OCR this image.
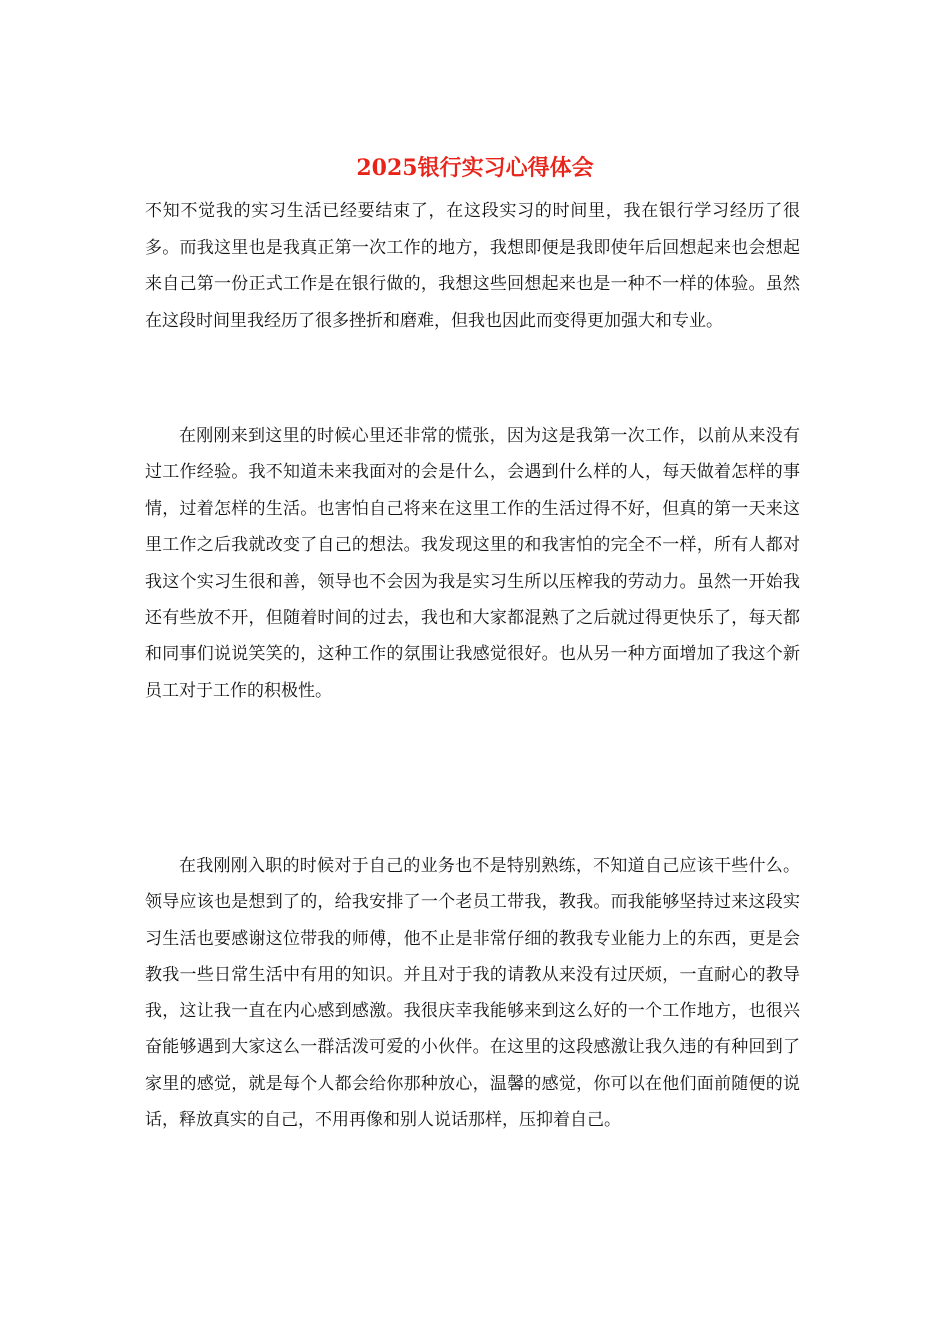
2025银行实习心得体会

不知不觉我的实习生活已经要结束了，在这段实习的时间里，我在银行学习经历了很多。而我这里也是我真正第一次工作的地方，我想即便是我即使年后回想起来也会想起来自己第一份正式工作是在银行做的，我想这些回想起来也是一种不一样的体验。虽然在这段时间里我经历了很多挫折和磨难，但我也因此而变得更加强大和专业。

在刚刚来到这里的时候心里还非常的慌张，因为这是我第一次工作，以前从来没有过工作经验。我不知道未来我面对的会是什么，会遇到什么样的人，每天做着怎样的事情，过着怎样的生活。也害怕自己将来在这里工作的生活过得不好，但真的第一天来这里工作之后我就改变了自己的想法。我发现这里的和我害怕的完全不一样，所有人都对我这个实习生很和善，领导也不会因为我是实习生所以压榨我的劳动力。虽然一开始我还有些放不开，但随着时间的过去，我也和大家都混熟了之后就过得更快乐了，每天都和同事们说说笑笑的，这种工作的氛围让我感觉很好。也从另一种方面增加了我这个新员工对于工作的积极性。

在我刚刚入职的时候对于自己的业务也不是特别熟练，不知道自己应该干些什么。领导应该也是想到了的，给我安排了一个老员工带我，教我。而我能够坚持过来这段实习生活也要感谢这位带我的师傅，他不止是非常仔细的教我专业能力上的东西，更是会教我一些日常生活中有用的知识。并且对于我的请教从来没有过厌烦，一直耐心的教导我，这让我一直在内心感到感激。我很庆幸我能够来到这么好的一个工作地方，也很兴奋能够遇到大家这么一群活泼可爱的小伙伴。在这里的这段感激让我久违的有种回到了家里的感觉，就是每个人都会给你那种放心，温馨的感觉，你可以在他们面前随便的说话，释放真实的自己，不用再像和别人说话那样，压抑着自己。
